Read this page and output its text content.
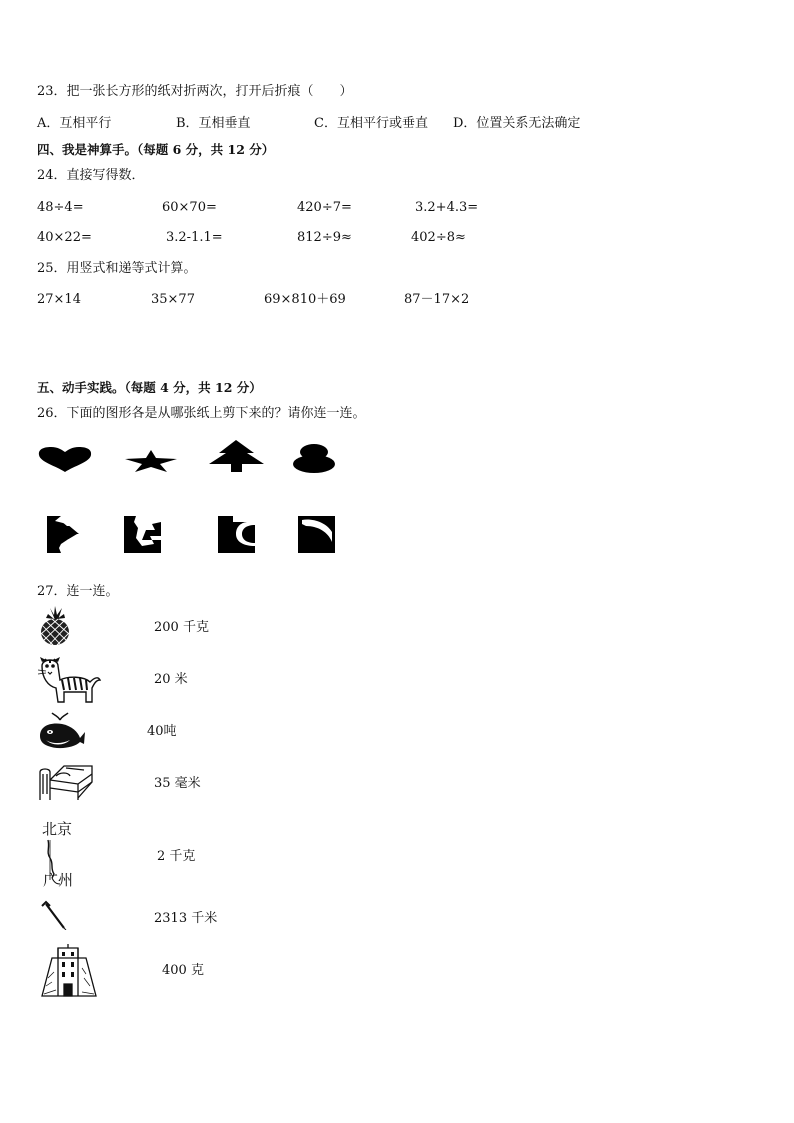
23．把一张长方形的纸对折两次，打开后折痕（　　）
A．互相平行	B．互相垂直	C．互相平行或垂直 D．位置关系无法确定
四、我是神算手。（每题 6 分，共 12 分）
24．直接写得数．
48÷4=	60×70=	420÷7=	3.2+4.3=
40×22=	3.2-1.1=	812÷9≈	402÷8≈
25．用竖式和递等式计算。
27×14	35×77	69×810＋69	87－17×2
五、动手实践。（每题 4 分，共 12 分）
26．下面的图形各是从哪张纸上剪下来的？请你连一连。
27．连一连。
200 千克
20 米
40吨
35 毫米
北京
广州
2 千克
2313 千米
400 克
